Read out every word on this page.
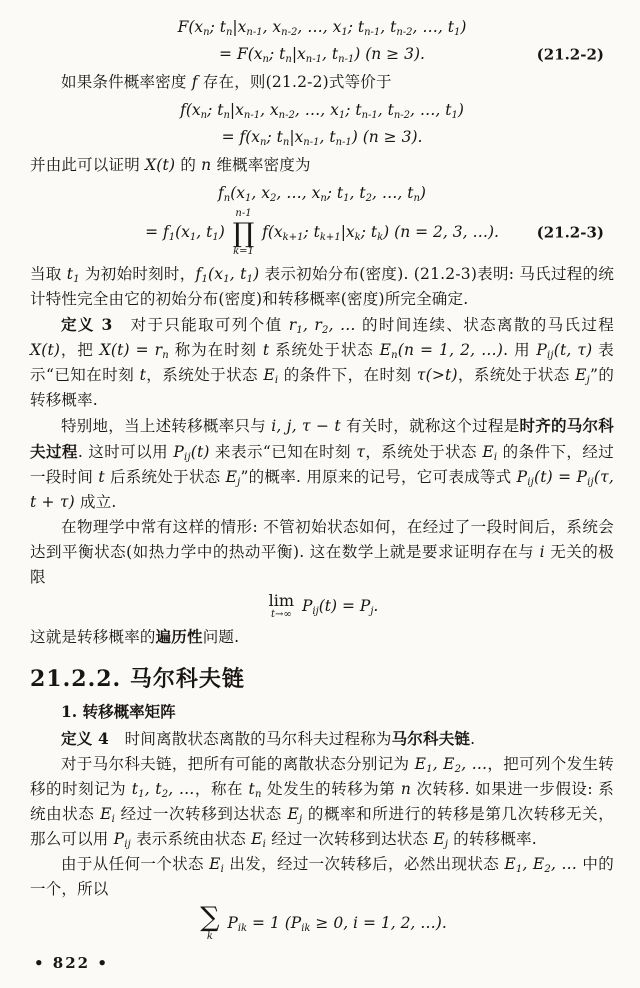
$F(x_n$; $t_n|x_{n-1}$, $x_{n-2}$, …, $x_1$; $t_{n-1}$, $t_{n-2}$, …, $t_1$)
= $F(x_n$; $t_n|x_{n-1}$, $t_{n-1}$) (n ≥ 3).	(21.2-2)
如果条件概率密度 f 存在，则(21.2-2)式等价于
$f(x_n$; $t_n|x_{n-1}$, $x_{n-2}$, …, $x_1$; $t_{n-1}$, $t_{n-2}$, …, $t_1$)
= $f(x_n$; $t_n|x_{n-1}$, $t_{n-1}$) (n ≥ 3).
并由此可以证明 X(t) 的 n 维概率密度为
$f_n(x_1$, $x_2$, …, $x_n$; $t_1$, $t_2$, …, $t_n$)
= $f_1(x_1$, $t_1$)
n-1
∏
k=1
$f(x_{k+1}$; $t_{k+1}|x_k$; $t_k$) (n = 2, 3, …).	(21.2-3)
当取 $t_1$ 为初始时刻时，$f_1(x_1$, $t_1$) 表示初始分布(密度). (21.2-3)表明: 马氏过程的统计特性完全由它的初始分布(密度)和转移概率(密度)所完全确定.
定义 3　对于只能取可列个值 $r_1$, $r_2$, … 的时间连续、状态离散的马氏过程 X(t)，把 $X(t) = r_n$ 称为在时刻 t 系统处于状态 $E_n(n = 1$, 2, …). 用 $P_{ij}(t$, τ) 表示“已知在时刻 t，系统处于状态 $E_i$ 的条件下，在时刻 τ(>t)，系统处于状态 $E_j$”的转移概率.
特别地，当上述转移概率只与 i, j, τ − t 有关时，就称这个过程是时齐的马尔科夫过程. 这时可以用 $P_{ij}(t)$ 来表示“已知在时刻 τ，系统处于状态 $E_i$ 的条件下，经过一段时间 t 后系统处于状态 $E_j$”的概率. 用原来的记号，它可表成等式 $P_{ij}(t) = P_{ij}(\tau$, t + τ) 成立.
在物理学中常有这样的情形: 不管初始状态如何，在经过了一段时间后，系统会达到平衡状态(如热力学中的热动平衡). 这在数学上就是要求证明存在与 i 无关的极限
lim
t→∞ $P_{ij}(t) = P_j$.
这就是转移概率的遍历性问题.
21.2.2. 马尔科夫链
1. 转移概率矩阵
定义 4　时间离散状态离散的马尔科夫过程称为马尔科夫链.
对于马尔科夫链，把所有可能的离散状态分别记为 $E_1$, $E_2$, …，把可列个发生转移的时刻记为 $t_1$, $t_2$, …，称在 $t_n$ 处发生的转移为第 n 次转移. 如果进一步假设: 系统由状态 $E_i$ 经过一次转移到达状态 $E_j$ 的概率和所进行的转移是第几次转移无关，那么可以用 $P_{ij}$ 表示系统由状态 $E_i$ 经过一次转移到达状态 $E_j$ 的转移概率.
由于从任何一个状态 $E_i$ 出发，经过一次转移后，必然出现状态 $E_1$, $E_2$, … 中的一个，所以
∑
k
$P_{ik} = 1$ ($P_{ik} \ge 0$, i = 1, 2, …).
• 822 •
